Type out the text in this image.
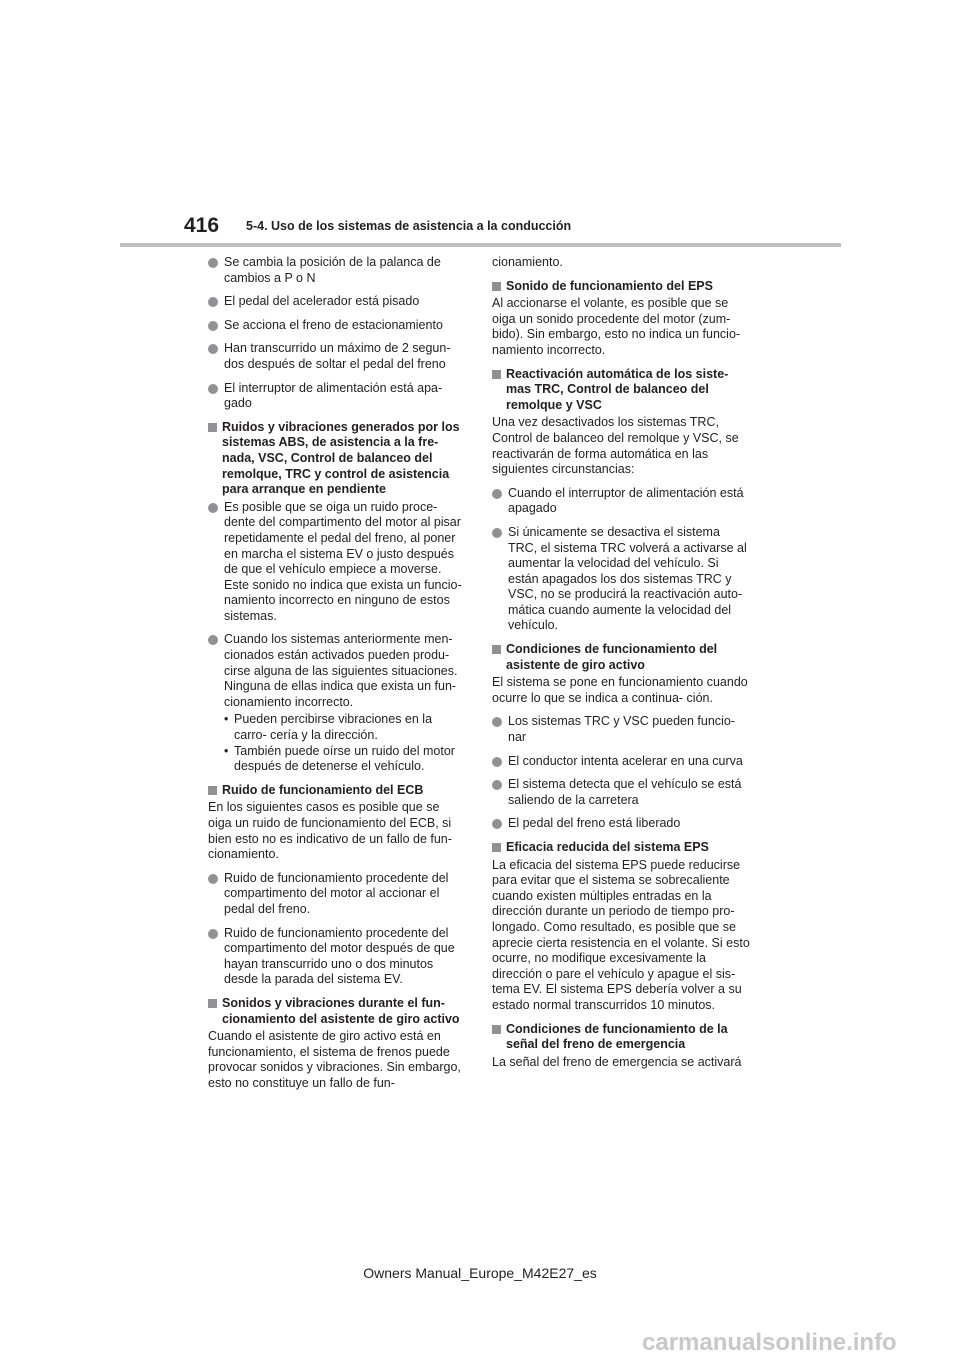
416 5-4. Uso de los sistemas de asistencia a la conducción
Se cambia la posición de la palanca de cambios a P o N
El pedal del acelerador está pisado
Se acciona el freno de estacionamiento
Han transcurrido un máximo de 2 segun- dos después de soltar el pedal del freno
El interruptor de alimentación está apa- gado
Ruidos y vibraciones generados por los sistemas ABS, de asistencia a la fre- nada, VSC, Control de balanceo del remolque, TRC y control de asistencia para arranque en pendiente
Es posible que se oiga un ruido proce- dente del compartimento del motor al pisar repetidamente el pedal del freno, al poner en marcha el sistema EV o justo después de que el vehículo empiece a moverse. Este sonido no indica que exista un funcio- namiento incorrecto en ninguno de estos sistemas.
Cuando los sistemas anteriormente men- cionados están activados pueden produ- cirse alguna de las siguientes situaciones. Ninguna de ellas indica que exista un fun- cionamiento incorrecto.
• Pueden percibirse vibraciones en la carro- cería y la dirección.
• También puede oírse un ruido del motor después de detenerse el vehículo.
Ruido de funcionamiento del ECB
En los siguientes casos es posible que se oiga un ruido de funcionamiento del ECB, si bien esto no es indicativo de un fallo de fun- cionamiento.
Ruido de funcionamiento procedente del compartimento del motor al accionar el pedal del freno.
Ruido de funcionamiento procedente del compartimento del motor después de que hayan transcurrido uno o dos minutos desde la parada del sistema EV.
Sonidos y vibraciones durante el fun- cionamiento del asistente de giro activo
Cuando el asistente de giro activo está en funcionamiento, el sistema de frenos puede provocar sonidos y vibraciones. Sin embargo, esto no constituye un fallo de fun-
cionamiento.
Sonido de funcionamiento del EPS
Al accionarse el volante, es posible que se oiga un sonido procedente del motor (zum- bido). Sin embargo, esto no indica un funcio- namiento incorrecto.
Reactivación automática de los siste- mas TRC, Control de balanceo del remolque y VSC
Una vez desactivados los sistemas TRC, Control de balanceo del remolque y VSC, se reactivarán de forma automática en las siguientes circunstancias:
Cuando el interruptor de alimentación está apagado
Si únicamente se desactiva el sistema TRC, el sistema TRC volverá a activarse al aumentar la velocidad del vehículo. Si están apagados los dos sistemas TRC y VSC, no se producirá la reactivación auto- mática cuando aumente la velocidad del vehículo.
Condiciones de funcionamiento del asistente de giro activo
El sistema se pone en funcionamiento cuando ocurre lo que se indica a continua- ción.
Los sistemas TRC y VSC pueden funcio- nar
El conductor intenta acelerar en una curva
El sistema detecta que el vehículo se está saliendo de la carretera
El pedal del freno está liberado
Eficacia reducida del sistema EPS
La eficacia del sistema EPS puede reducirse para evitar que el sistema se sobrecaliente cuando existen múltiples entradas en la dirección durante un periodo de tiempo pro- longado. Como resultado, es posible que se aprecie cierta resistencia en el volante. Si esto ocurre, no modifique excesivamente la dirección o pare el vehículo y apague el sis- tema EV. El sistema EPS debería volver a su estado normal transcurridos 10 minutos.
Condiciones de funcionamiento de la señal del freno de emergencia
La señal del freno de emergencia se activará
Owners Manual_Europe_M42E27_es
carmanualsonline.info
